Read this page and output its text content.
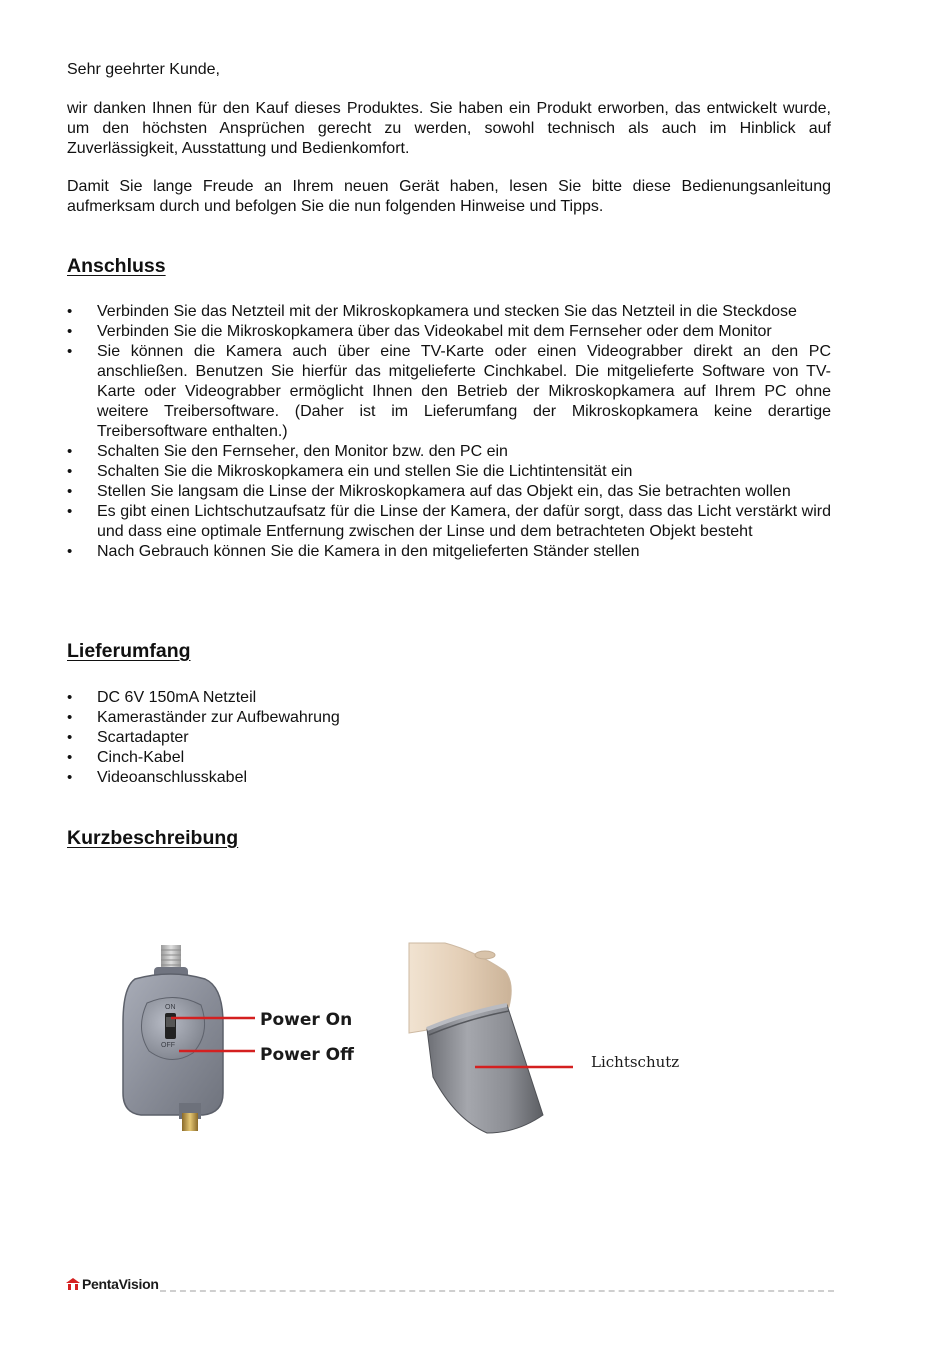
Sehr geehrter Kunde,

wir danken Ihnen für den Kauf dieses Produktes. Sie haben ein Produkt erworben, das entwickelt wurde, um den höchsten Ansprüchen gerecht zu werden, sowohl technisch als auch im Hinblick auf Zuverlässigkeit, Ausstattung und Bedienkomfort.

Damit Sie lange Freude an Ihrem neuen Gerät haben, lesen Sie bitte diese Bedienungsanleitung aufmerksam durch und befolgen Sie die nun folgenden Hinweise und Tipps.

Anschluss
• Verbinden Sie das Netzteil mit der Mikroskopkamera und stecken Sie das Netzteil in die Steckdose
• Verbinden Sie die Mikroskopkamera über das Videokabel mit dem Fernseher oder dem Monitor
• Sie können die Kamera auch über eine TV-Karte oder einen Videograbber direkt an den PC anschließen. Benutzen Sie hierfür das mitgelieferte Cinchkabel. Die mitgelieferte Software von TV-Karte oder Videograbber ermöglicht Ihnen den Betrieb der Mikroskopkamera auf Ihrem PC ohne weitere Treibersoftware. (Daher ist im Lieferumfang der Mikroskopkamera keine derartige Treibersoftware enthalten.)
• Schalten Sie den Fernseher, den Monitor bzw. den PC ein
• Schalten Sie die Mikroskopkamera ein und stellen Sie die Lichtintensität ein
• Stellen Sie langsam die Linse der Mikroskopkamera auf das Objekt ein, das Sie betrachten wollen
• Es gibt einen Lichtschutzaufsatz für die Linse der Kamera, der dafür sorgt, dass das Licht verstärkt wird und dass eine optimale Entfernung zwischen der Linse und dem betrachteten Objekt besteht
• Nach Gebrauch können Sie die Kamera in den mitgelieferten Ständer stellen
Lieferumfang
• DC 6V 150mA Netzteil
• Kameraständer zur Aufbewahrung
• Scartadapter
• Cinch-Kabel
• Videoanschlusskabel
Kurzbeschreibung
ON
OFF
Power On
Power Off	Lichtschutz
PentaVision
